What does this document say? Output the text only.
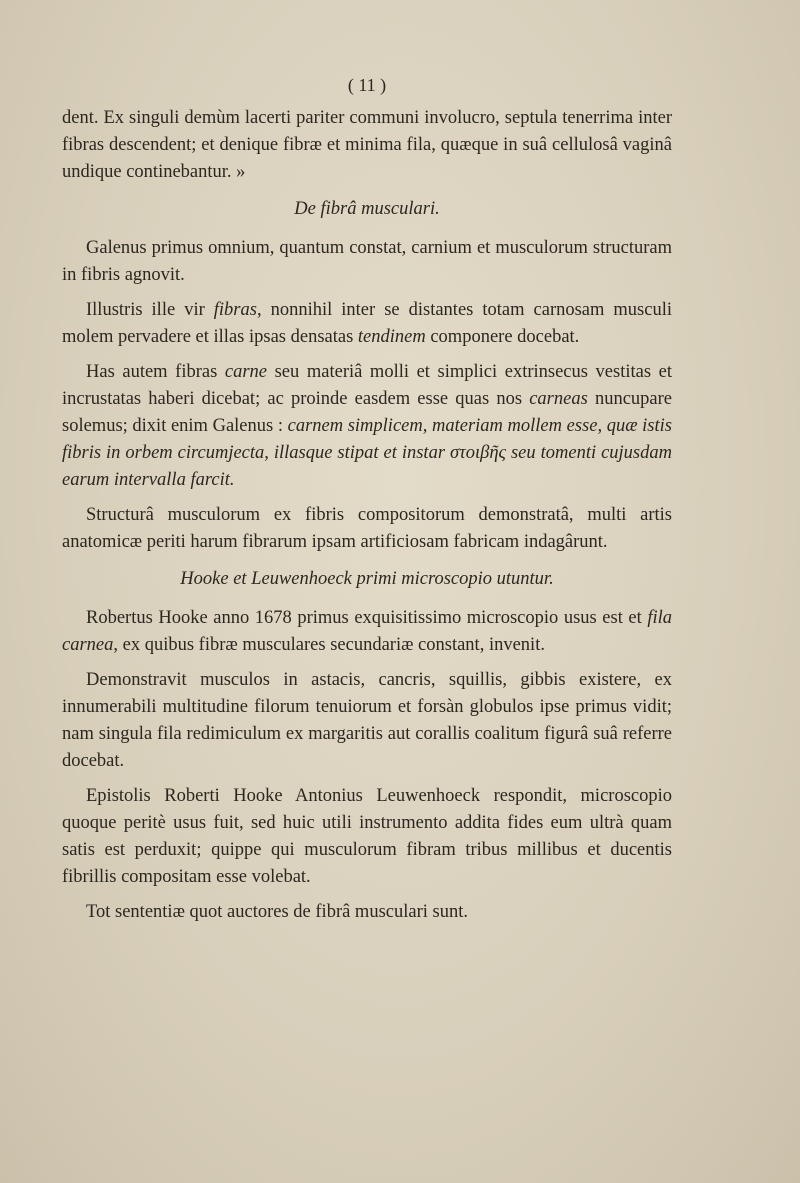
( 11 )

dent. Ex singuli demùm lacerti pariter communi involucro, septula tenerrima inter fibras descendent; et denique fibræ et minima fila, quæque in suâ cellulosâ vaginâ undique continebantur. »

De fibrâ musculari.

Galenus primus omnium, quantum constat, carnium et musculorum structuram in fibris agnovit.

Illustris ille vir fibras, nonnihil inter se distantes totam carnosam musculi molem pervadere et illas ipsas densatas tendinem componere docebat.

Has autem fibras carne seu materiâ molli et simplici extrinsecus vestitas et incrustatas haberi dicebat; ac proinde easdem esse quas nos carneas nuncupare solemus; dixit enim Galenus : carnem simplicem, materiam mollem esse, quæ istis fibris in orbem circumjecta, illasque stipat et instar στοιβῆς seu tomenti cujusdam earum intervalla farcit.

Structurâ musculorum ex fibris compositorum demonstratâ, multi artis anatomicæ periti harum fibrarum ipsam artificiosam fabricam indagârunt.

Hooke et Leuwenhoeck primi microscopio utuntur.

Robertus Hooke anno 1678 primus exquisitissimo microscopio usus est et fila carnea, ex quibus fibræ musculares secundariæ constant, invenit.

Demonstravit musculos in astacis, cancris, squillis, gibbis existere, ex innumerabili multitudine filorum tenuiorum et forsàn globulos ipse primus vidit; nam singula fila redimiculum ex margaritis aut corallis coalitum figurâ suâ referre docebat.

Epistolis Roberti Hooke Antonius Leuwenhoeck respondit, microscopio quoque peritè usus fuit, sed huic utili instrumento addita fides eum ultrà quam satis est perduxit; quippe qui musculorum fibram tribus millibus et ducentis fibrillis compositam esse volebat.

Tot sententiæ quot auctores de fibrâ musculari sunt.
